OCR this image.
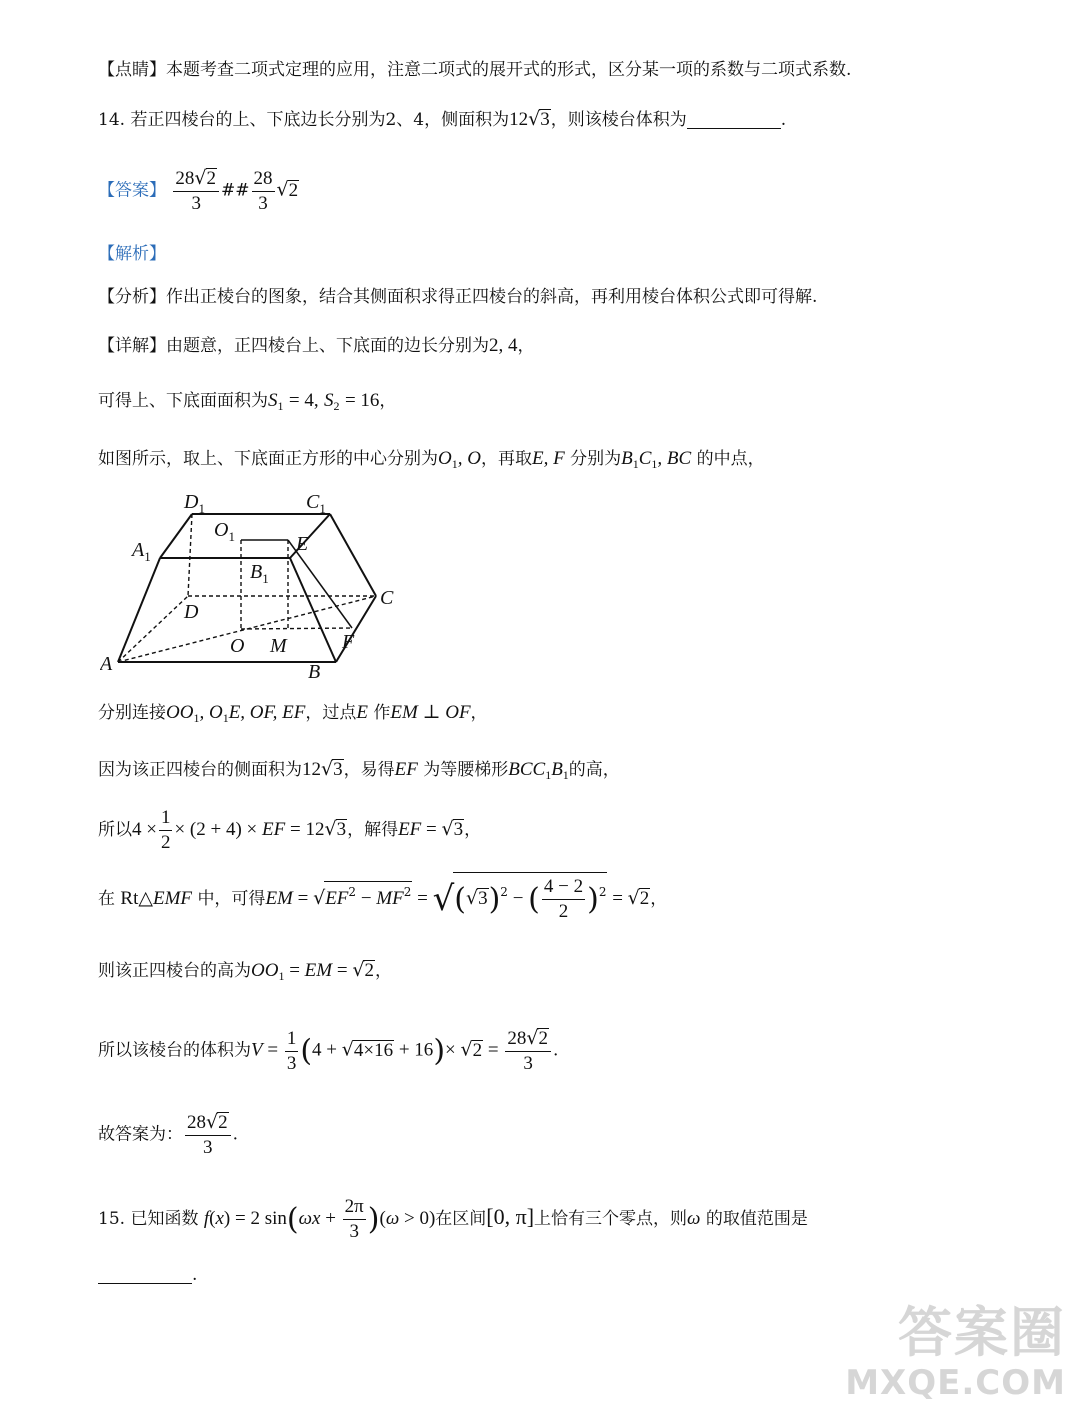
【点睛】本题考查二项式定理的应用，注意二项式的展开式的形式，区分某一项的系数与二项式系数.
14. 若正四棱台的上、下底边长分别为2、4，侧面积为12√3，则该棱台体积为	.
【答案】 $\frac{28√2}{3}$ ## $\frac{28}{3} √2$
【解析】
【分析】作出正棱台的图象，结合其侧面积求得正四棱台的斜高，再利用棱台体积公式即可得解.
【详解】由题意，正四棱台上、下底面的边长分别为2, 4，
可得上、下底面面积为$S_1 = 4$, $S_2 = 16$，
如图所示，取上、下底面正方形的中心分别为$O_1$, O，再取E, F 分别为$B_1C_1$, BC 的中点，
$D_1$	$C_1$
$O_1$
$A_1$
E
$B_1$
C
D
O M	F
A	B
分别连接$OO_1$, $O_1E$, OF, EF，过点E 作EM ⊥ OF，
因为该正四棱台的侧面积为12√3，易得EF 为等腰梯形$BCC_1B_1$的高，
所以$4 \times \frac{1}{2} \times (2 + 4)$ × EF = 12√3，解得EF = √3，
在 Rt△EMF 中，可得EM = $√EF^2 - MF^2 = √(√3)^2$ − ( $\frac{4 - 2}{2} )^2 = √2$，
则该正四棱台的高为$OO_1$ = EM = √2，
所以该棱台的体积为$V = \frac{1}{3} (4 + √4\times 16 + 16)\times √2 = \frac{28√2}{3}$ .
故答案为： $\frac{28√2}{3}$ .
15. 已知函数 f(x) = 2 $\sin(\omega x + \frac{2\pi}{3} )(\omega > 0)$在区间[0, π]上恰有三个零点，则ω 的取值范围是
.
答案圈
MXQE.COM
